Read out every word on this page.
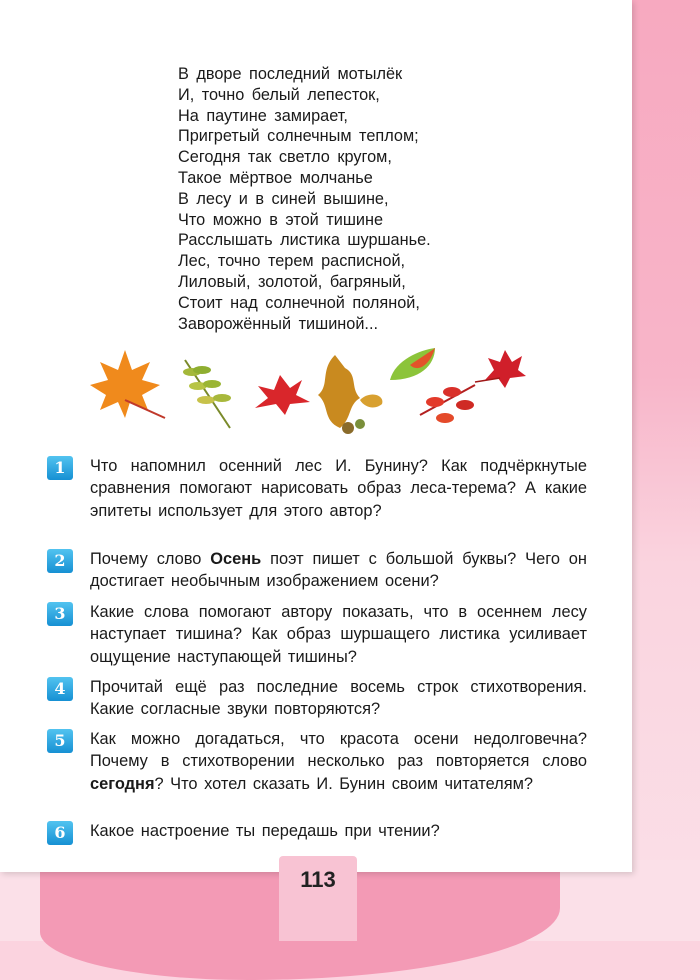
В дворе последний мотылёк
И, точно белый лепесток,
На паутине замирает,
Пригретый солнечным теплом;
Сегодня так светло кругом,
Такое мёртвое молчанье
В лесу и в синей вышине,
Что можно в этой тишине
Расслышать листика шуршанье.
Лес, точно терем расписной,
Лиловый, золотой, багряный,
Стоит над солнечной поляной,
Заворожённый тишиной...
1	Что напомнил осенний лес И. Бунину? Как подчёркнутые сравнения помогают нарисовать образ леса-терема? А какие эпитеты использует для этого автор?
2	Почему слово Осень поэт пишет с большой буквы? Чего он достигает необычным изображением осени?
3	Какие слова помогают автору показать, что в осеннем лесу наступает тишина? Как образ шуршащего листика усиливает ощущение наступающей тишины?
4	Прочитай ещё раз последние восемь строк стихотворения. Какие согласные звуки повторяются?
5	Как можно догадаться, что красота осени недолговечна? Почему в стихотворении несколько раз повторяется слово сегодня? Что хотел сказать И. Бунин своим читателям?
6	Какое настроение ты передашь при чтении?
113
